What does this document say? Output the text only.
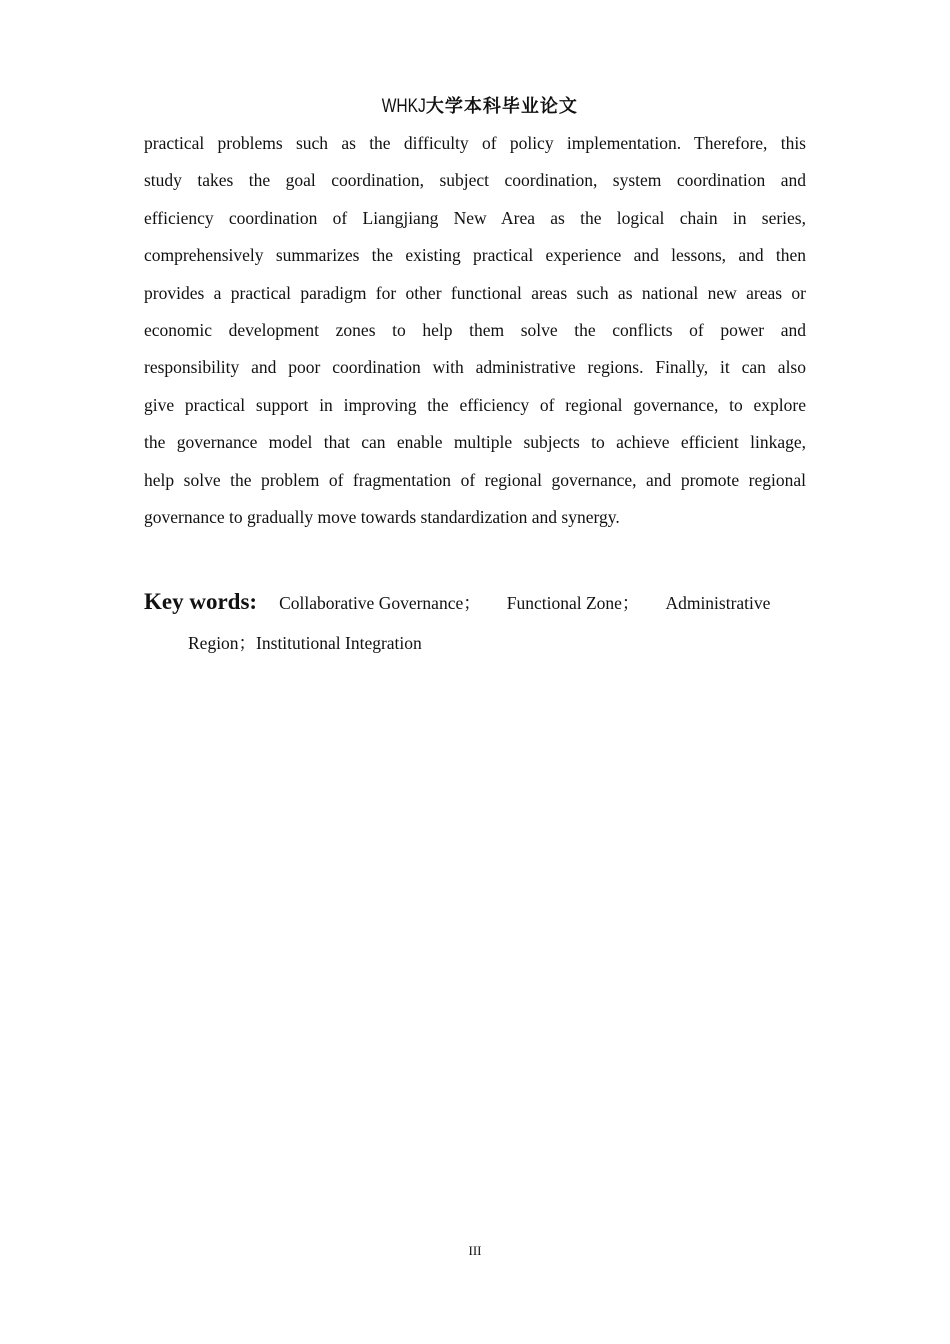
WHKJ大学本科毕业论文
practical problems such as the difficulty of policy implementation. Therefore, this
study takes the goal coordination, subject coordination, system coordination and
efficiency coordination of Liangjiang New Area as the logical chain in series,
comprehensively summarizes the existing practical experience and lessons, and then
provides a practical paradigm for other functional areas such as national new areas or
economic development zones to help them solve the conflicts of power and
responsibility and poor coordination with administrative regions. Finally, it can also
give practical support in improving the efficiency of regional governance, to explore
the governance model that can enable multiple subjects to achieve efficient linkage,
help solve the problem of fragmentation of regional governance, and promote regional
governance to gradually move towards standardization and synergy.
Key words: Collaborative Governance； Functional Zone； Administrative
Region；Institutional Integration
III
